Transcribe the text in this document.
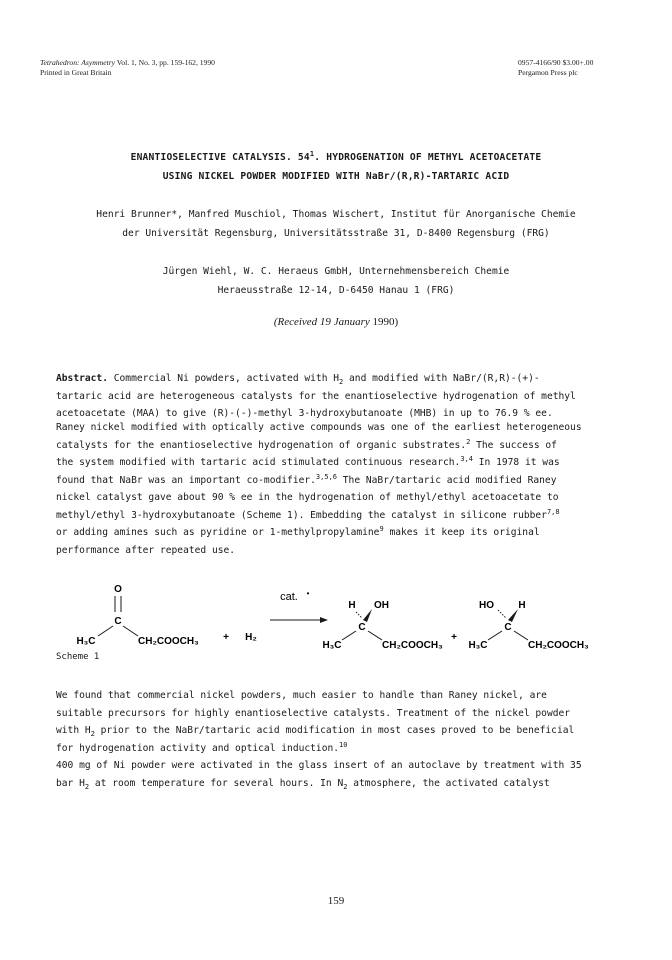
Tetrahedron: Asymmetry Vol. 1, No. 3, pp. 159-162, 1990
Printed in Great Britain
0957-4166/90 $3.00+.00
Pergamon Press plc
ENANTIOSELECTIVE CATALYSIS. $54^1$. HYDROGENATION OF METHYL ACETOACETATE
USING NICKEL POWDER MODIFIED WITH NaBr/(R,R)-TARTARIC ACID
Henri Brunner*, Manfred Muschiol, Thomas Wischert, Institut für Anorganische Chemie
der Universität Regensburg, Universitätsstraße 31, D-8400 Regensburg (FRG)
Jürgen Wiehl, W. C. Heraeus GmbH, Unternehmensbereich Chemie
Heraeusstraße 12-14, D-6450 Hanau 1 (FRG)
(Received 19 January 1990)
Abstract. Commercial Ni powders, activated with $H_2$ and modified with NaBr/(R,R)-(+)-
tartaric acid are heterogeneous catalysts for the enantioselective hydrogenation of methyl
acetoacetate (MAA) to give (R)-(-)-methyl 3-hydroxybutanoate (MHB) in up to 76.9 % ee.
Raney nickel modified with optically active compounds was one of the earliest heterogeneous
catalysts for the enantioselective hydrogenation of organic substrates.$^2$ The success of
the system modified with tartaric acid stimulated continuous research.$^{3,4}$ In 1978 it was
found that NaBr was an important co-modifier.$^{3,5,6}$ The NaBr/tartaric acid modified Raney
nickel catalyst gave about 90 % ee in the hydrogenation of methyl/ethyl acetoacetate to
methyl/ethyl 3-hydroxybutanoate (Scheme 1). Embedding the catalyst in silicone rubber$^{7,8}$
or adding amines such as pyridine or 1-methylpropylamine$^9$ makes it keep its original
performance after repeated use.
O
C
H₃C	CH₂COOCH₃ + H₂
cat. •
H OH
C
H₃C	CH₂COOCH₃
+
HO H
C
H₃C	CH₂COOCH₃
Scheme 1
We found that commercial nickel powders, much easier to handle than Raney nickel, are
suitable precursors for highly enantioselective catalysts. Treatment of the nickel powder
with $H_2$ prior to the NaBr/tartaric acid modification in most cases proved to be beneficial
for hydrogenation activity and optical induction.$^{10}$
400 mg of Ni powder were activated in the glass insert of an autoclave by treatment with 35
bar $H_2$ at room temperature for several hours. In $N_2$ atmosphere, the activated catalyst
159
